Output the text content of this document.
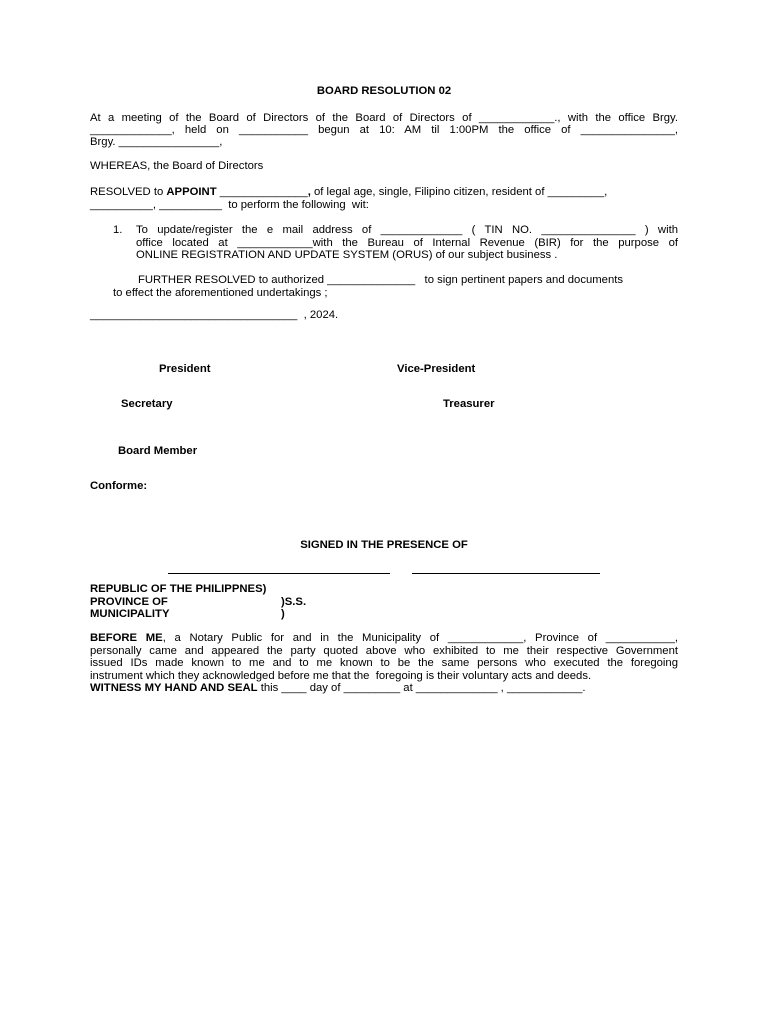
BOARD RESOLUTION 02
At a meeting of the Board of Directors of the Board of Directors of ____________., with the office Brgy.
_____________, held on ___________ begun at 10: AM til 1:00PM the office of _______________,
Brgy. ________________,
WHEREAS, the Board of Directors
RESOLVED to APPOINT ______________, of legal age, single, Filipino citizen, resident of _________,
__________, __________  to perform the following  wit:
1. To update/register the e mail address of _____________ ( TIN NO. _______________ ) with
office located at ____________with the Bureau of Internal Revenue (BIR) for the purpose of
ONLINE REGISTRATION AND UPDATE SYSTEM (ORUS) of our subject business .
FURTHER RESOLVED to authorized ______________   to sign pertinent papers and documents
to effect the aforementioned undertakings ;
_________________________________  , 2024.
President	Vice-President
Secretary	Treasurer
Board Member
Conforme:
SIGNED IN THE PRESENCE OF
REPUBLIC OF THE PHILIPPNES)
PROVINCE OF	)S.S.
MUNICIPALITY	)
BEFORE ME, a Notary Public for and in the Municipality of ____________, Province of ___________,
personally came and appeared the party quoted above who exhibited to me their respective Government
issued IDs made known to me and to me known to be the same persons who executed the foregoing
instrument which they acknowledged before me that the  foregoing is their voluntary acts and deeds.
WITNESS MY HAND AND SEAL this ____ day of _________ at _____________ , ____________.
